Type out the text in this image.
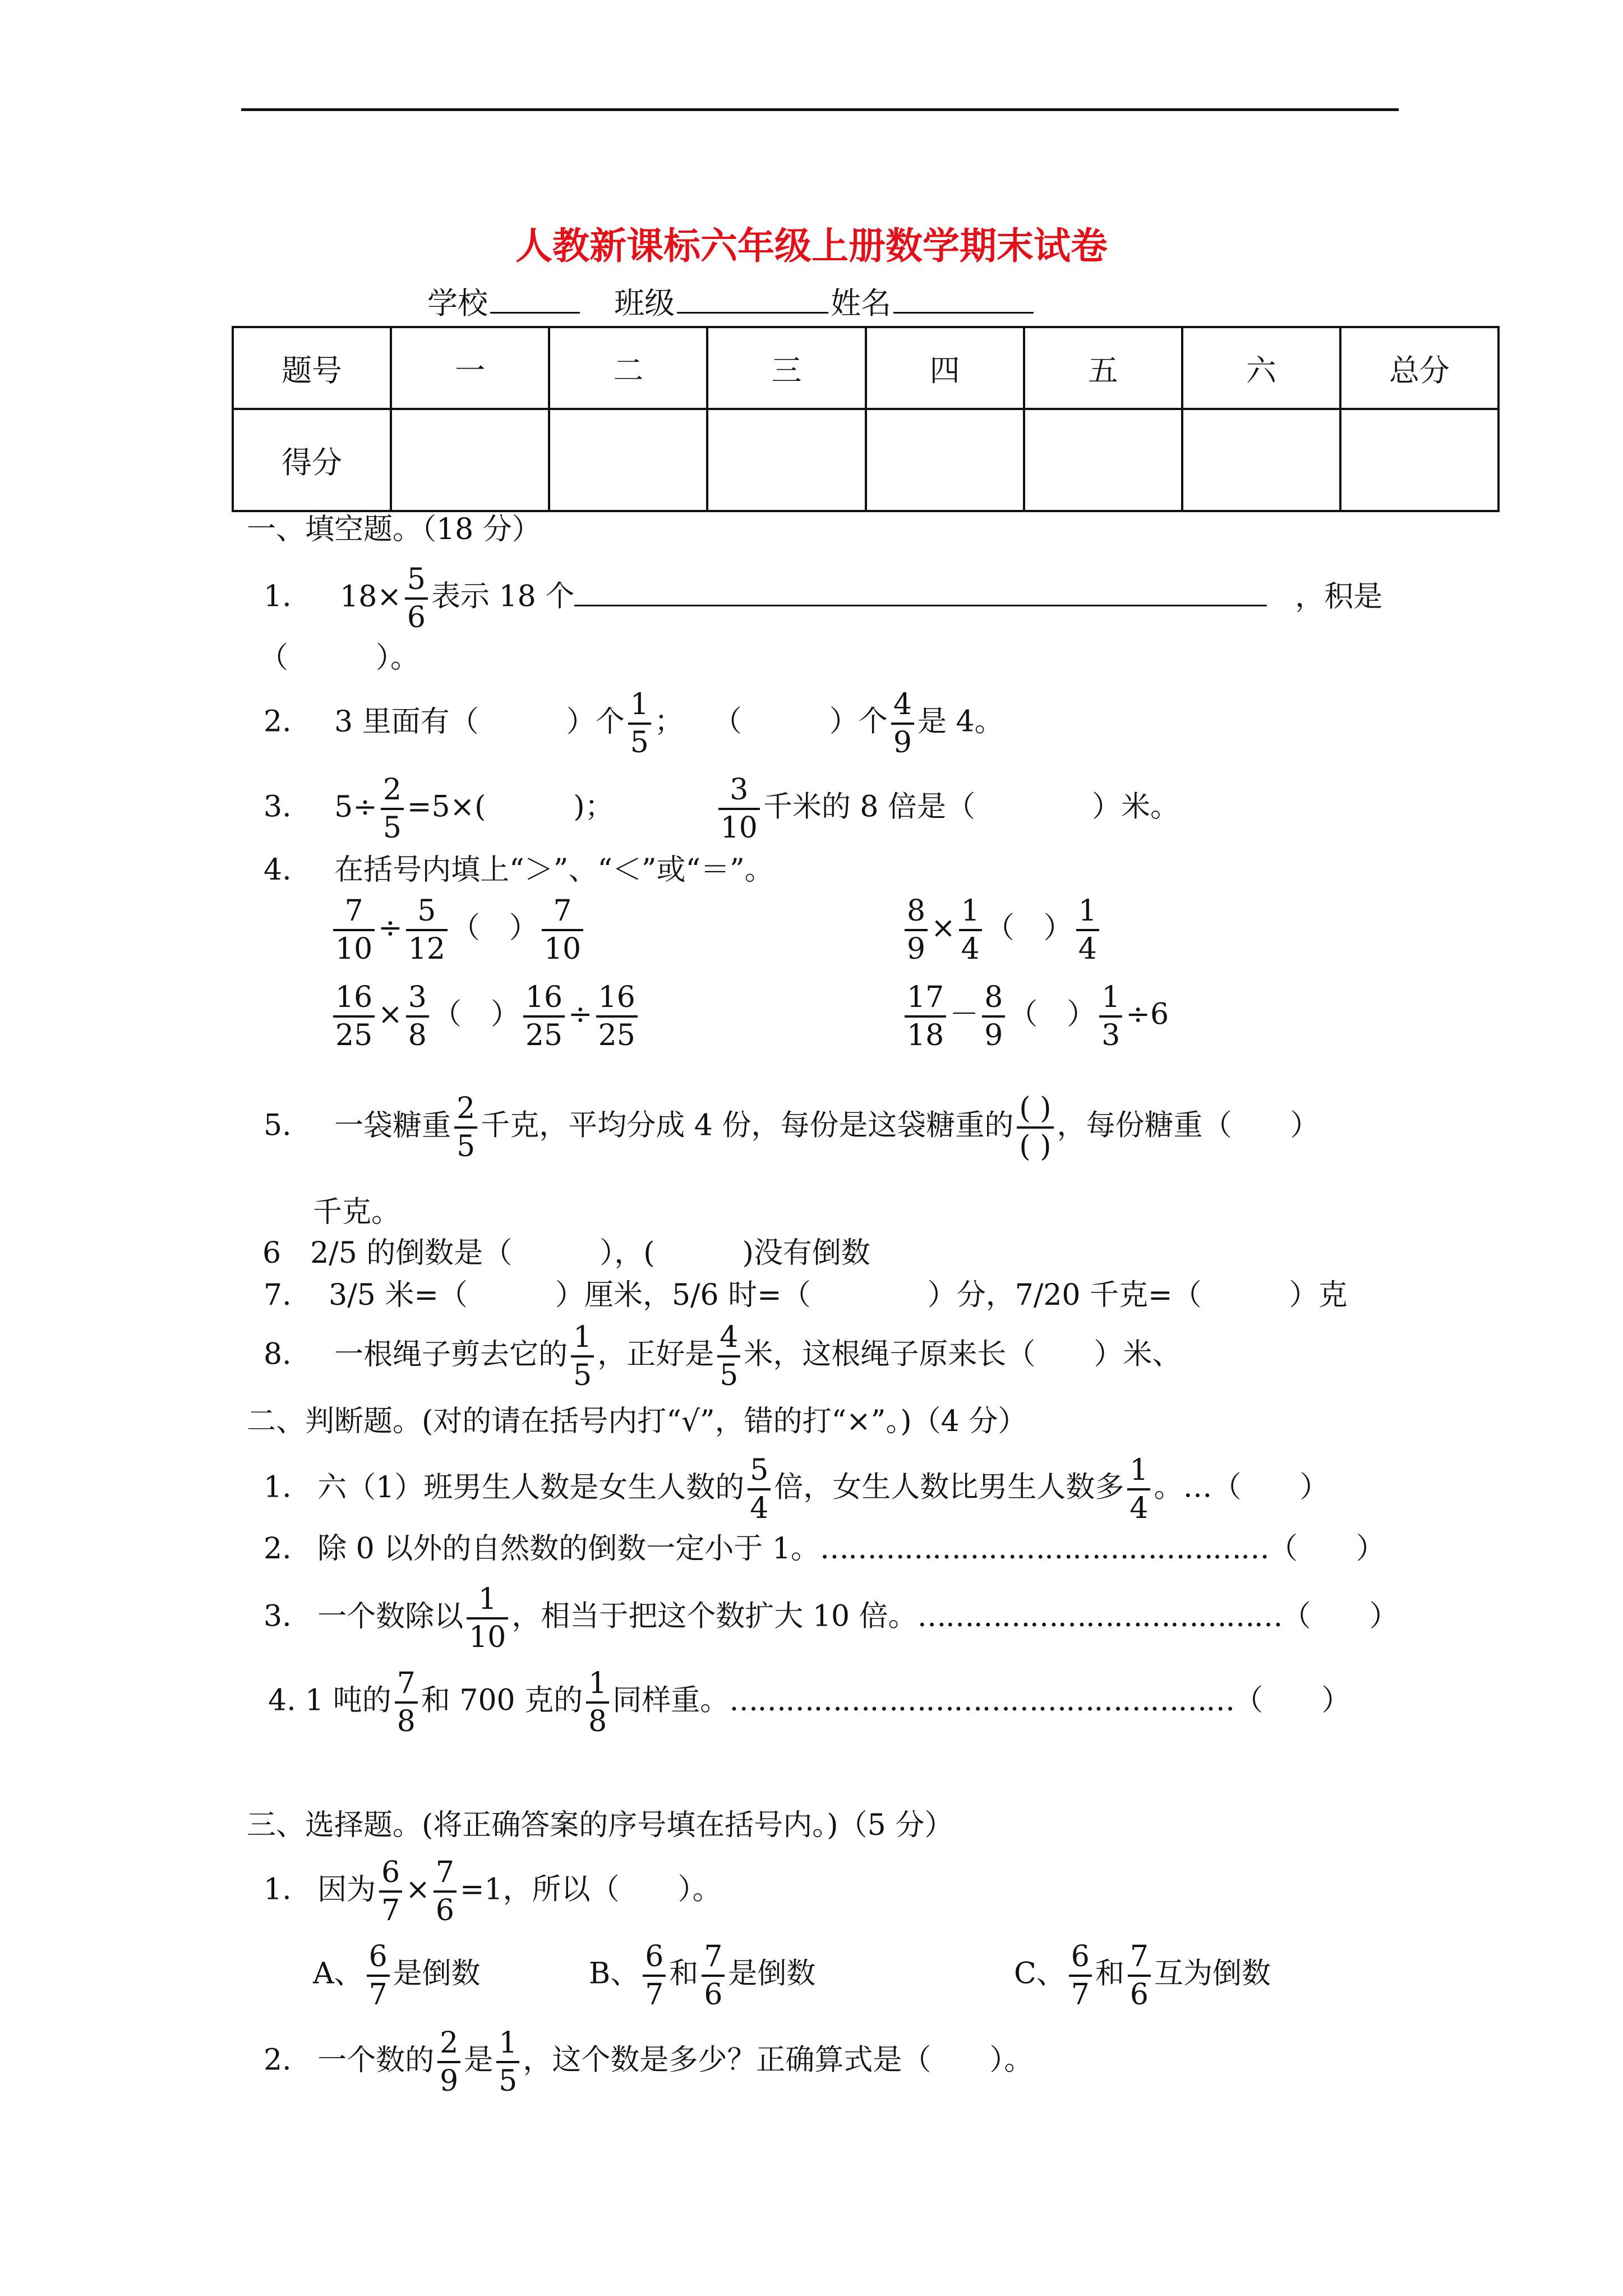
人教新课标六年级上册数学期末试卷
学校	班级	姓名
题号	一	二	三	四	五	六	总分
得分							
一、填空题。（18 分）
1. $18\times \frac{5}{6}$ 表示 18 个	，积是
（　　　）。
2. 3 里面有（　　　）个 $\frac{1}{5}$ ；　　（　　　）个 $\frac{4}{9}$ 是 4。
3. $5\div \frac{2}{5} =5\times$(　　　)；	$\frac{3}{10}$ 千米的 8 倍是（　　　　）米。
4. 在括号内填上“＞”、“＜”或“＝”。
$\frac{7}{10} \div \frac{5}{12}$ （　） $\frac{7}{10}$	$\frac{8}{9} \times \frac{1}{4}$ （　） $\frac{1}{4}$
$\frac{16}{25} \times \frac{3}{8}$ （　） $\frac{16}{25} \div \frac{16}{25}$	$\frac{17}{18} - \frac{8}{9}$ （　） $\frac{1}{3} \div 6$
5. 一袋糖重 $\frac{2}{5}$ 千克，平均分成 4 份，每份是这袋糖重的 $\frac{( )}{( )}$ ，每份糖重（　　）
千克。
6　2/5 的倒数是（　　　），(　　　)没有倒数
7. 3/5 米=（　　　）厘米，5/6 时=（　　　　）分，7/20 千克=（　　　）克
8. 一根绳子剪去它的 $\frac{1}{5}$ ，正好是 $\frac{4}{5}$ 米，这根绳子原来长（　　）米、
二、判断题。(对的请在括号内打“√”，错的打“×”。)（4 分）
1. 六（1）班男生人数是女生人数的 $\frac{5}{4}$ 倍，女生人数比男生人数多 $\frac{1}{4}$ 。…（　　）
2. 除 0 以外的自然数的倒数一定小于 1。…………………………………………（　　）
3. 一个数除以 $\frac{1}{10}$ ，相当于把这个数扩大 10 倍。…………………………………（　　）
4. 1 吨的 $\frac{7}{8}$ 和 700 克的 $\frac{1}{8}$ 同样重。………………………………………………（　　）
三、选择题。(将正确答案的序号填在括号内。)（5 分）
1. 因为 $\frac{6}{7} \times \frac{7}{6} =1$，所以（　　）。
A、 $\frac{6}{7}$ 是倒数	B、 $\frac{6}{7}$ 和 $\frac{7}{6}$ 是倒数	C、 $\frac{6}{7}$ 和 $\frac{7}{6}$ 互为倒数
2. 一个数的 $\frac{2}{9}$ 是 $\frac{1}{5}$ ，这个数是多少？正确算式是（　　）。
